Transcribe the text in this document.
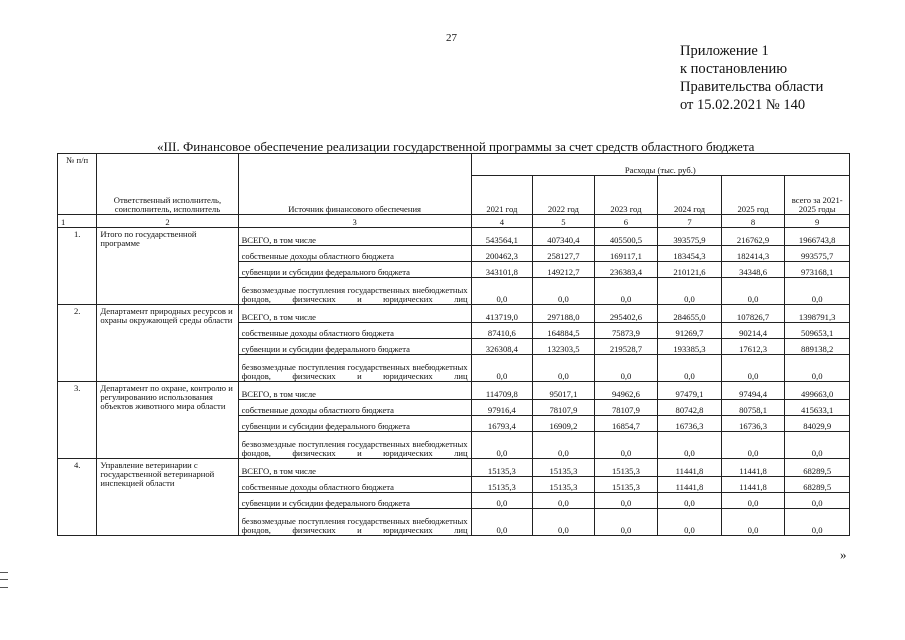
27
Приложение 1
к постановлению
Правительства области
от 15.02.2021 № 140
«III. Финансовое обеспечение реализации государственной программы за счет средств областного бюджета
№ п/п	Ответственный исполнитель, соисполнитель, исполнитель	Источник финансового обеспечения	Расходы (тыс. руб.)					
			2021 год	2022 год	2023 год	2024 год	2025 год	всего за 2021-2025 годы
1	2	3	4	5	6	7	8	9
1.	Итого по государственной программе	ВСЕГО, в том числе	543564,1	407340,4	405500,5	393575,9	216762,9	1966743,8
		собственные доходы областного бюджета	200462,3	258127,7	169117,1	183454,3	182414,3	993575,7
		субвенции и субсидии федерального бюджета	343101,8	149212,7	236383,4	210121,6	34348,6	973168,1
		безвозмездные поступления государственных внебюджетных фондов, физических и юридических лиц	0,0	0,0	0,0	0,0	0,0	0,0
2.	Департамент природных ресурсов и охраны окружающей среды области	ВСЕГО, в том числе	413719,0	297188,0	295402,6	284655,0	107826,7	1398791,3
		собственные доходы областного бюджета	87410,6	164884,5	75873,9	91269,7	90214,4	509653,1
		субвенции и субсидии федерального бюджета	326308,4	132303,5	219528,7	193385,3	17612,3	889138,2
		безвозмездные поступления государственных внебюджетных фондов, физических и юридических лиц	0,0	0,0	0,0	0,0	0,0	0,0
3.	Департамент по охране, контролю и регулированию использования объектов животного мира области	ВСЕГО, в том числе	114709,8	95017,1	94962,6	97479,1	97494,4	499663,0
		собственные доходы областного бюджета	97916,4	78107,9	78107,9	80742,8	80758,1	415633,1
		субвенции и субсидии федерального бюджета	16793,4	16909,2	16854,7	16736,3	16736,3	84029,9
		безвозмездные поступления государственных внебюджетных фондов, физических и юридических лиц	0,0	0,0	0,0	0,0	0,0	0,0
4.	Управление ветеринарии с государственной ветеринарной инспекцией области	ВСЕГО, в том числе	15135,3	15135,3	15135,3	11441,8	11441,8	68289,5
		собственные доходы областного бюджета	15135,3	15135,3	15135,3	11441,8	11441,8	68289,5
		субвенции и субсидии федерального бюджета	0,0	0,0	0,0	0,0	0,0	0,0
		безвозмездные поступления государственных внебюджетных фондов, физических и юридических лиц	0,0	0,0	0,0	0,0	0,0	0,0
»
